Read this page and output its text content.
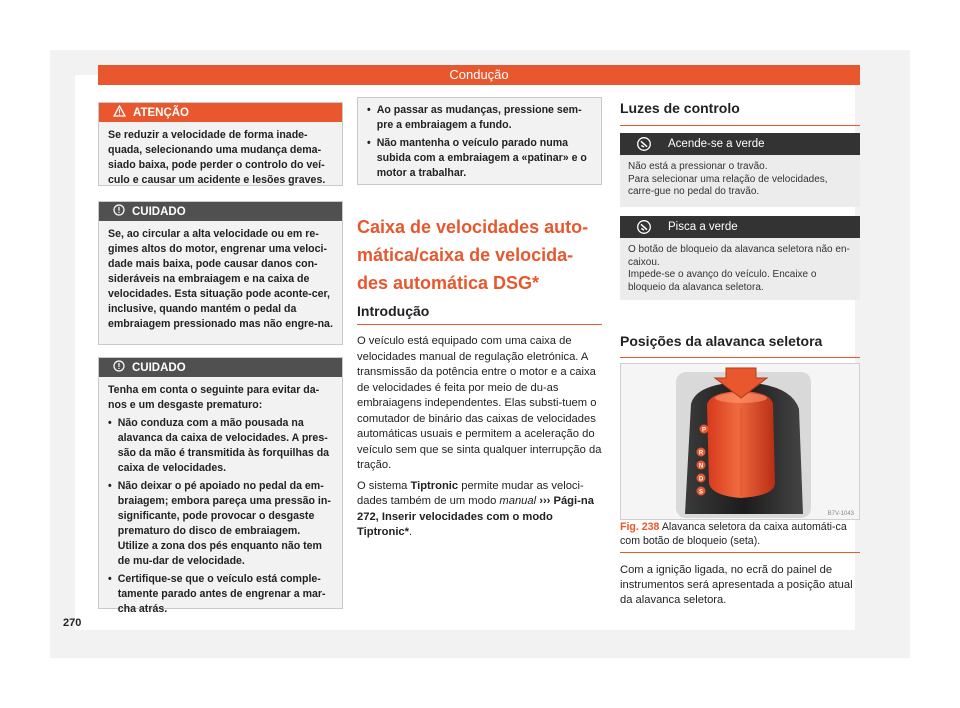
Condução
ATENÇÃO
Se reduzir a velocidade de forma inade-quada, selecionando uma mudança dema-siado baixa, pode perder o controlo do veí-culo e causar um acidente e lesões graves.
CUIDADO
Se, ao circular a alta velocidade ou em re-gimes altos do motor, engrenar uma veloci-dade mais baixa, pode causar danos con-sideráveis na embraiagem e na caixa de velocidades. Esta situação pode aconte-cer, inclusive, quando mantém o pedal da embraiagem pressionado mas não engre-na.
CUIDADO

Tenha em conta o seguinte para evitar da-nos e um desgaste prematuro:

• Não conduza com a mão pousada na alavanca da caixa de velocidades. A pres-são da mão é transmitida às forquilhas da caixa de velocidades.
• Não deixar o pé apoiado no pedal da em-braiagem; embora pareça uma pressão in-significante, pode provocar o desgaste prematuro do disco de embraiagem. Utilize a zona dos pés enquanto não tem de mu-dar de velocidade.
• Certifique-se que o veículo está comple-tamente parado antes de engrenar a mar-cha atrás.
270
• Ao passar as mudanças, pressione sem-pre a embraiagem a fundo.
• Não mantenha o veículo parado numa subida com a embraiagem a «patinar» e o motor a trabalhar.
Caixa de velocidades auto-mática/caixa de velocida-des automática DSG*
Introdução

O veículo está equipado com uma caixa de velocidades manual de regulação eletrónica. A transmissão da potência entre o motor e a caixa de velocidades é feita por meio de du-as embraiagens independentes. Elas substi-tuem o comutador de binário das caixas de velocidades automáticas usuais e permitem a aceleração do veículo sem que se sinta qualquer interrupção da tração.

O sistema Tiptronic permite mudar as veloci-dades também de um modo manual ››› Pági-na 272, Inserir velocidades com o modo Tiptronic*.

Luzes de controlo
Acende-se a verde
Não está a pressionar o travão.
Para selecionar uma relação de velocidades, carre-gue no pedal do travão.
Pisca a verde
O botão de bloqueio da alavanca seletora não en-caixou.
Impede-se o avanço do veículo. Encaixe o bloqueio da alavanca seletora.
Posições da alavanca seletora
P
R
N
D
S
B7V-1043
Fig. 238 Alavanca seletora da caixa automáti-ca com botão de bloqueio (seta).

Com a ignição ligada, no ecrã do painel de instrumentos será apresentada a posição atual da alavanca seletora.
